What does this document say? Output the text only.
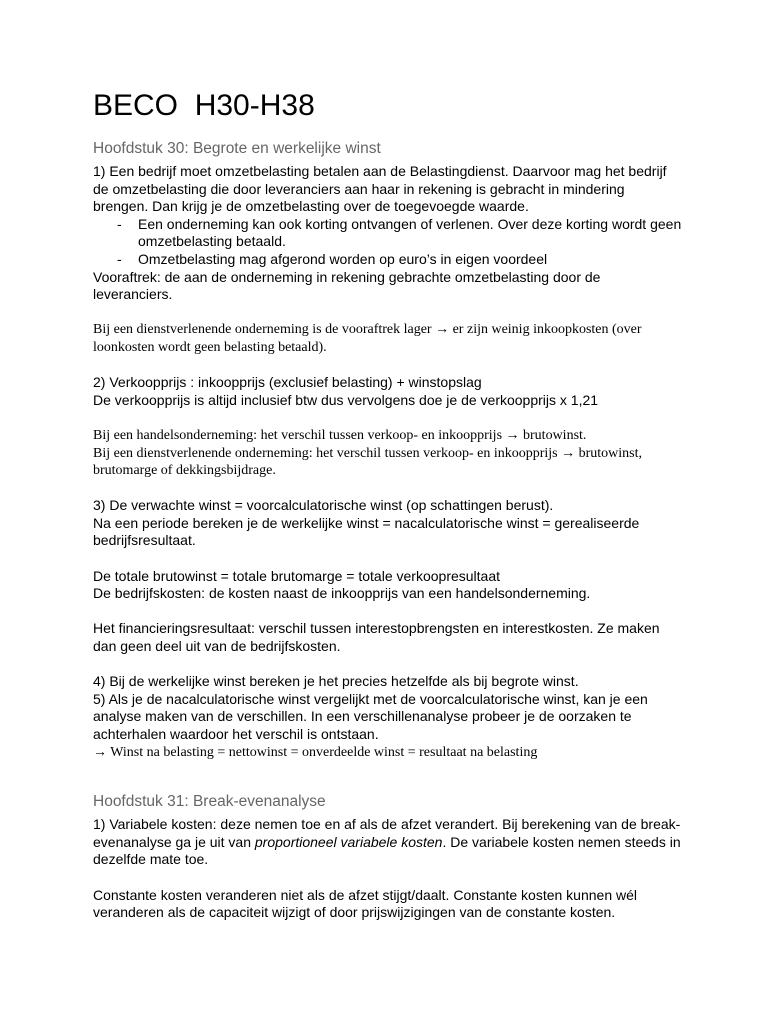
BECO  H30-H38
Hoofdstuk 30: Begrote en werkelijke winst

1) Een bedrijf moet omzetbelasting betalen aan de Belastingdienst. Daarvoor mag het bedrijf de omzetbelasting die door leveranciers aan haar in rekening is gebracht in mindering brengen. Dan krijg je de omzetbelasting over de toegevoegde waarde.

- Een onderneming kan ook korting ontvangen of verlenen. Over deze korting wordt geen omzetbelasting betaald.
- Omzetbelasting mag afgerond worden op euro’s in eigen voordeel

Vooraftrek: de aan de onderneming in rekening gebrachte omzetbelasting door de leveranciers.

Bij een dienstverlenende onderneming is de vooraftrek lager → er zijn weinig inkoopkosten (over loonkosten wordt geen belasting betaald).

2) Verkoopprijs : inkoopprijs (exclusief belasting) + winstopslag

De verkoopprijs is altijd inclusief btw dus vervolgens doe je de verkoopprijs x 1,21

Bij een handelsonderneming: het verschil tussen verkoop- en inkoopprijs → brutowinst.

Bij een dienstverlenende onderneming: het verschil tussen verkoop- en inkoopprijs → brutowinst, brutomarge of dekkingsbijdrage.

3) De verwachte winst = voorcalculatorische winst (op schattingen berust).

Na een periode bereken je de werkelijke winst = nacalculatorische winst = gerealiseerde bedrijfsresultaat.

De totale brutowinst = totale brutomarge = totale verkoopresultaat

De bedrijfskosten: de kosten naast de inkoopprijs van een handelsonderneming.

Het financieringsresultaat: verschil tussen interestopbrengsten en interestkosten. Ze maken dan geen deel uit van de bedrijfskosten.

4) Bij de werkelijke winst bereken je het precies hetzelfde als bij begrote winst.

5) Als je de nacalculatorische winst vergelijkt met de voorcalculatorische winst, kan je een analyse maken van de verschillen. In een verschillenanalyse probeer je de oorzaken te achterhalen waardoor het verschil is ontstaan.

→ Winst na belasting = nettowinst = onverdeelde winst = resultaat na belasting

Hoofdstuk 31: Break-evenanalyse

1) Variabele kosten: deze nemen toe en af als de afzet verandert. Bij berekening van de break-evenanalyse ga je uit van proportioneel variabele kosten. De variabele kosten nemen steeds in dezelfde mate toe.

Constante kosten veranderen niet als de afzet stijgt/daalt. Constante kosten kunnen wél veranderen als de capaciteit wijzigt of door prijswijzigingen van de constante kosten.
